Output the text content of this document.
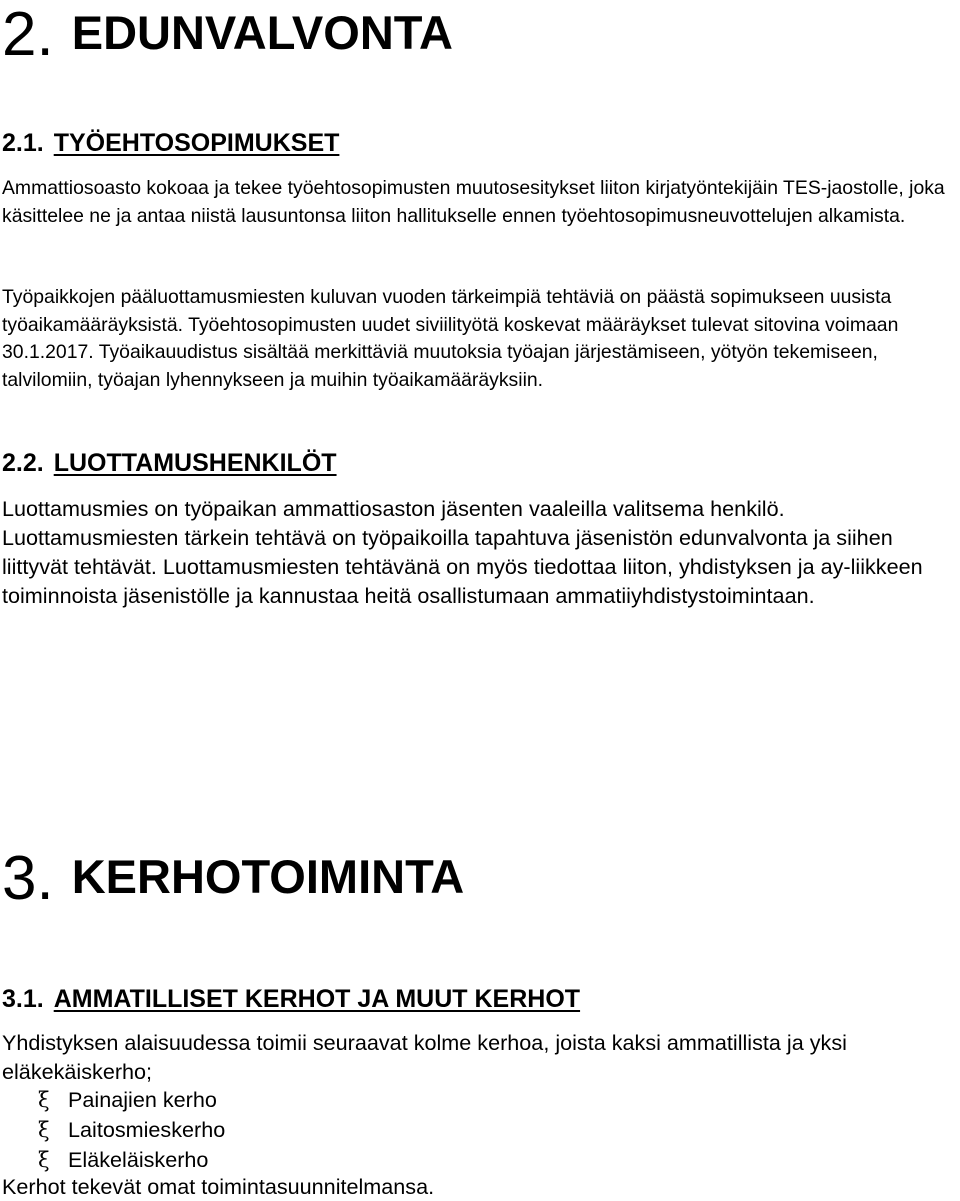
2. EDUNVALVONTA
2.1. TYÖEHTOSOPIMUKSET

Ammattiosoasto kokoaa ja tekee työehtosopimusten muutosesitykset liiton kirjatyöntekijäin TES-jaostolle, joka käsittelee ne ja antaa niistä lausuntonsa liiton hallitukselle ennen työehtosopimusneuvottelujen alkamista.

Työpaikkojen pääluottamusmiesten kuluvan vuoden tärkeimpiä tehtäviä on päästä sopimukseen uusista työaikamääräyksistä. Työehtosopimusten uudet siviilityötä koskevat määräykset tulevat sitovina voimaan 30.1.2017. Työaikauudistus sisältää merkittäviä muutoksia työajan järjestämiseen, yötyön tekemiseen, talvilomiin, työajan lyhennykseen ja muihin työaikamääräyksiin.

2.2. LUOTTAMUSHENKILÖT

Luottamusmies on työpaikan ammattiosaston jäsenten vaaleilla valitsema henkilö. Luottamusmiesten tärkein tehtävä on työpaikoilla tapahtuva jäsenistön edunvalvonta ja siihen liittyvät tehtävät. Luottamusmiesten tehtävänä on myös tiedottaa liiton, yhdistyksen ja ay-liikkeen toiminnoista jäsenistölle ja kannustaa heitä osallistumaan ammatiiyhdistystoimintaan.

3. KERHOTOIMINTA
3.1. AMMATILLISET KERHOT JA MUUT KERHOT

Yhdistyksen alaisuudessa toimii seuraavat kolme kerhoa, joista kaksi ammatillista ja yksi eläkekäiskerho;

ξ Painajien kerho
ξ Laitosmieskerho
ξ Eläkeläiskerho

Kerhot tekevät omat toimintasuunnitelmansa.
